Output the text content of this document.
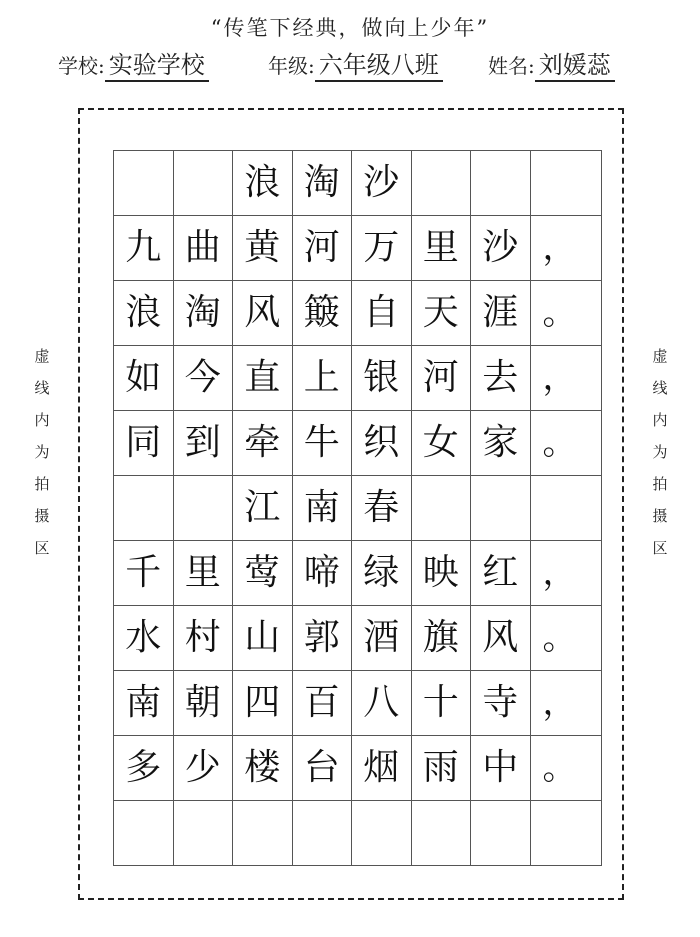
“传笔下经典，做向上少年”
学校: 实验学校	年级: 六年级八班 姓名: 刘媛蕊
虚
线
内
为
拍
摄
区
虚
线
内
为
拍
摄
区
		浪	淘	沙			
九	曲	黄	河	万	里	沙	，
浪	淘	风	簸	自	天	涯	。
如	今	直	上	银	河	去	，
同	到	牵	牛	织	女	家	。
		江	南	春			
千	里	莺	啼	绿	映	红	，
水	村	山	郭	酒	旗	风	。
南	朝	四	百	八	十	寺	，
多	少	楼	台	烟	雨	中	。
